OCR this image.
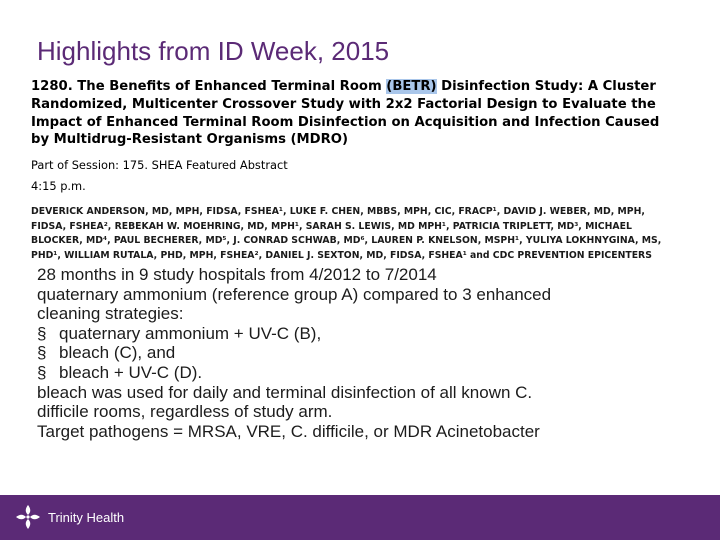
Highlights from ID Week, 2015
1280. The Benefits of Enhanced Terminal Room (BETR) Disinfection Study: A Cluster Randomized, Multicenter Crossover Study with 2x2 Factorial Design to Evaluate the Impact of Enhanced Terminal Room Disinfection on Acquisition and Infection Caused by Multidrug-Resistant Organisms (MDRO)
Part of Session: 175. SHEA Featured Abstract
4:15 p.m.
DEVERICK ANDERSON, MD, MPH, FIDSA, FSHEA¹, LUKE F. CHEN, MBBS, MPH, CIC, FRACP¹, DAVID J. WEBER, MD, MPH, FIDSA, FSHEA², REBEKAH W. MOEHRING, MD, MPH¹, SARAH S. LEWIS, MD MPH¹, PATRICIA TRIPLETT, MD³, MICHAEL BLOCKER, MD⁴, PAUL BECHERER, MD⁵, J. CONRAD SCHWAB, MD⁶, LAUREN P. KNELSON, MSPH¹, YULIYA LOKHNYGINA, MS, PHD¹, WILLIAM RUTALA, PHD, MPH, FSHEA², DANIEL J. SEXTON, MD, FIDSA, FSHEA¹ and CDC PREVENTION EPICENTERS
28 months in 9 study hospitals from 4/2012 to 7/2014
quaternary ammonium (reference group A) compared to 3 enhanced
cleaning strategies:
§ quaternary ammonium + UV-C (B),
§ bleach (C), and
§ bleach + UV-C (D).
bleach was used for daily and terminal disinfection of all known C.
difficile rooms, regardless of study arm.
Target pathogens = MRSA, VRE, C. difficile, or MDR Acinetobacter
Trinity Health
